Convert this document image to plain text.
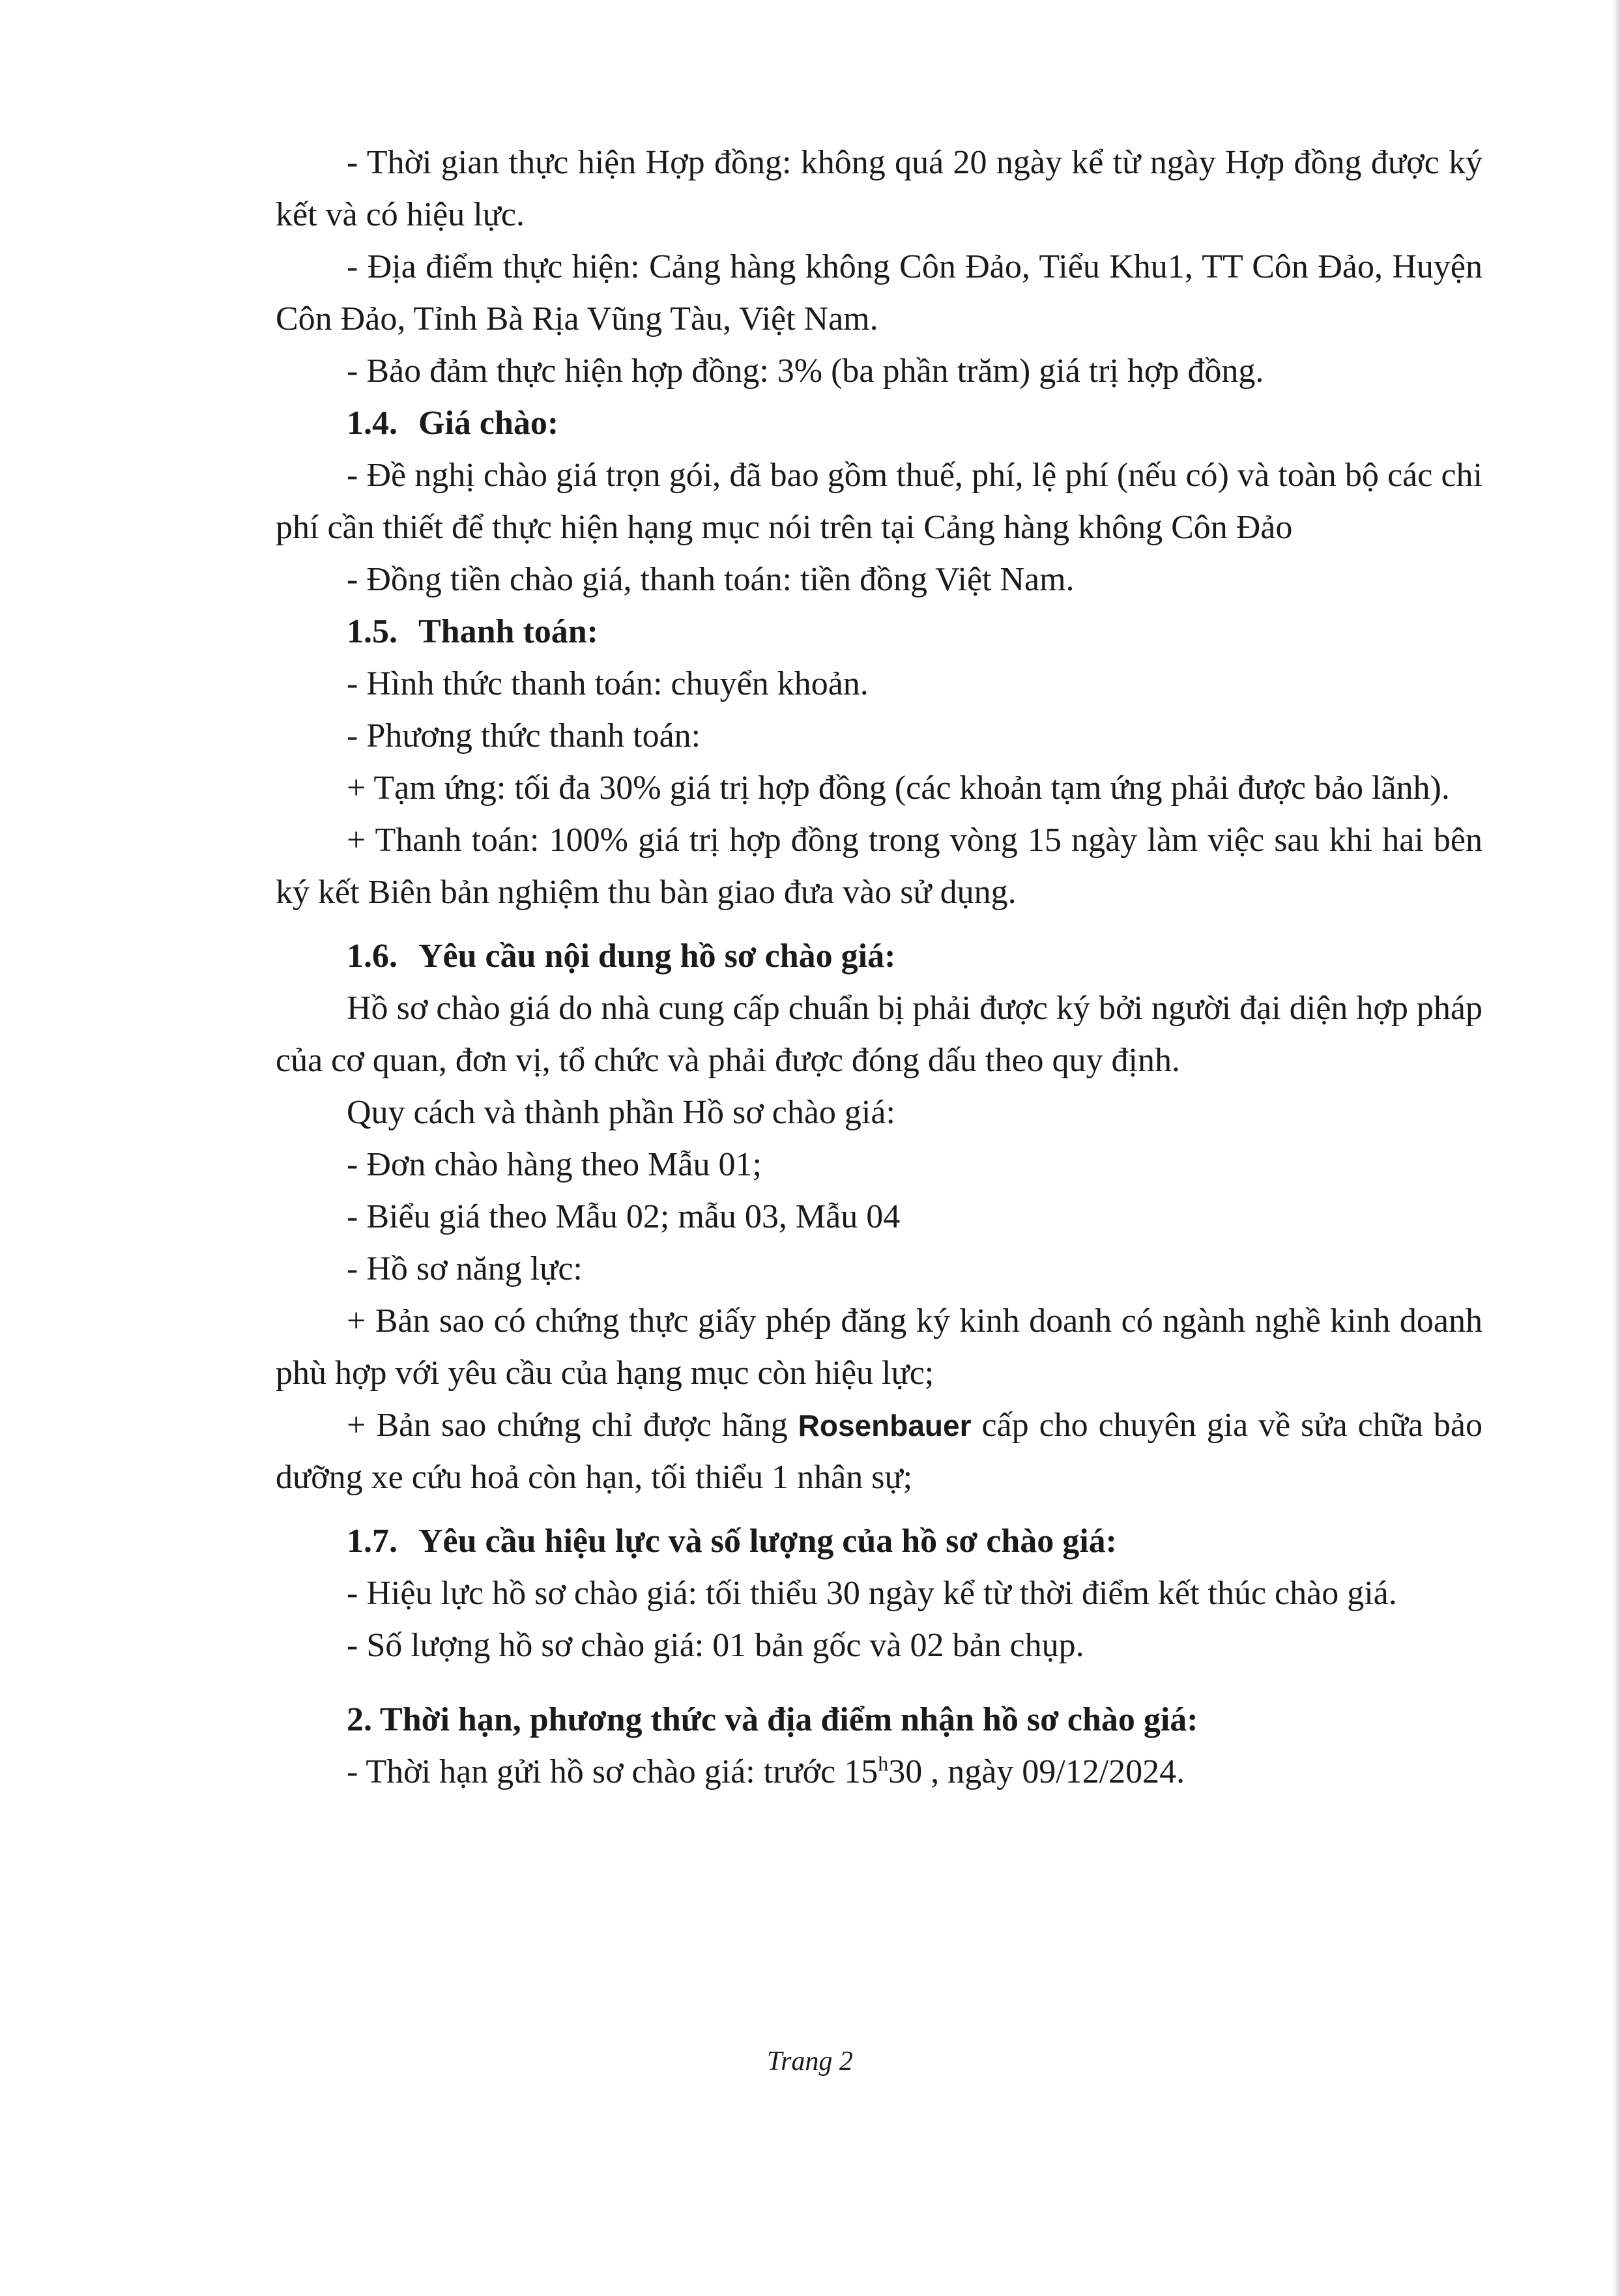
- Thời gian thực hiện Hợp đồng: không quá 20 ngày kể từ ngày Hợp đồng được ký kết và có hiệu lực.
- Địa điểm thực hiện: Cảng hàng không Côn Đảo, Tiểu Khu1, TT Côn Đảo, Huyện Côn Đảo, Tỉnh Bà Rịa Vũng Tàu, Việt Nam.
- Bảo đảm thực hiện hợp đồng: 3% (ba phần trăm) giá trị hợp đồng.
1.4. Giá chào:
- Đề nghị chào giá trọn gói, đã bao gồm thuế, phí, lệ phí (nếu có) và toàn bộ các chi phí cần thiết để thực hiện hạng mục nói trên tại Cảng hàng không Côn Đảo
- Đồng tiền chào giá, thanh toán: tiền đồng Việt Nam.
1.5. Thanh toán:
- Hình thức thanh toán: chuyển khoản.
- Phương thức thanh toán:
+ Tạm ứng: tối đa 30% giá trị hợp đồng (các khoản tạm ứng phải được bảo lãnh).
+ Thanh toán: 100% giá trị hợp đồng trong vòng 15 ngày làm việc sau khi hai bên ký kết Biên bản nghiệm thu bàn giao đưa vào sử dụng.
1.6. Yêu cầu nội dung hồ sơ chào giá:
Hồ sơ chào giá do nhà cung cấp chuẩn bị phải được ký bởi người đại diện hợp pháp của cơ quan, đơn vị, tổ chức và phải được đóng dấu theo quy định.
Quy cách và thành phần Hồ sơ chào giá:
- Đơn chào hàng theo Mẫu 01;
- Biểu giá theo Mẫu 02; mẫu 03, Mẫu 04
- Hồ sơ năng lực:
+ Bản sao có chứng thực giấy phép đăng ký kinh doanh có ngành nghề kinh doanh phù hợp với yêu cầu của hạng mục còn hiệu lực;
+ Bản sao chứng chỉ được hãng Rosenbauer cấp cho chuyên gia về sửa chữa bảo dưỡng xe cứu hoả còn hạn, tối thiểu 1 nhân sự;
1.7. Yêu cầu hiệu lực và số lượng của hồ sơ chào giá:
- Hiệu lực hồ sơ chào giá: tối thiểu 30 ngày kể từ thời điểm kết thúc chào giá.
- Số lượng hồ sơ chào giá: 01 bản gốc và 02 bản chụp.
2. Thời hạn, phương thức và địa điểm nhận hồ sơ chào giá:
- Thời hạn gửi hồ sơ chào giá: trước 15$^h$30 , ngày 09/12/2024.
Trang 2
